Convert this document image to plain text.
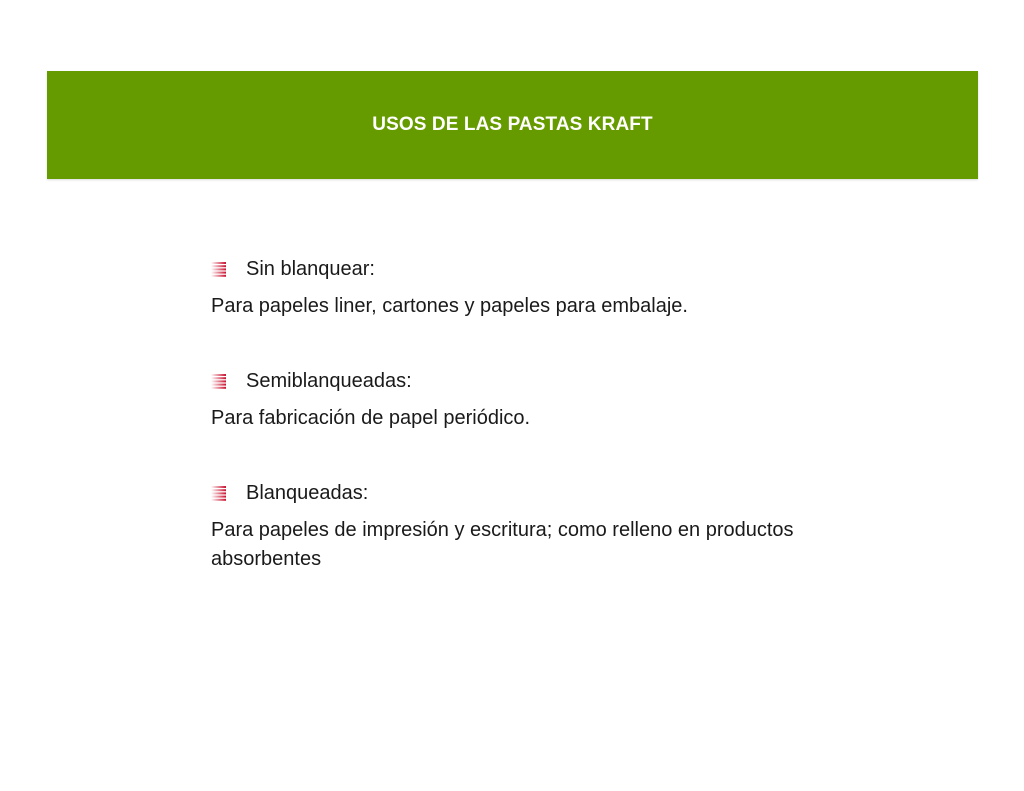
USOS DE LAS PASTAS KRAFT
Sin blanquear:
Para papeles liner, cartones y papeles para embalaje.
Semiblanqueadas:
Para fabricación de papel periódico.
Blanqueadas:
Para papeles de impresión y escritura; como relleno en productos absorbentes
